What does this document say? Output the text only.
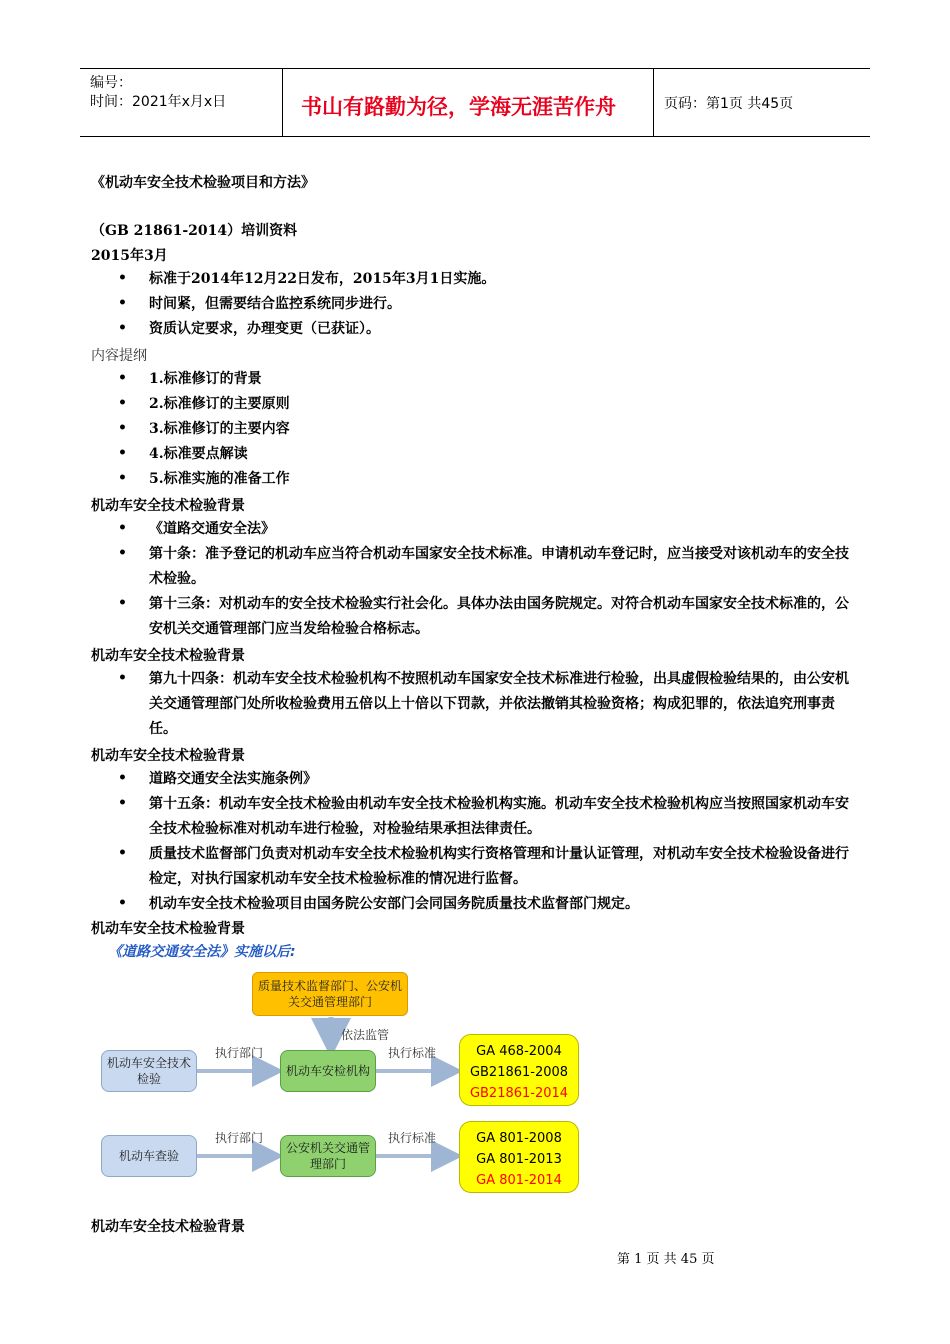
编号：
时间：2021年x月x日	书山有路勤为径，学海无涯苦作舟	页码：第1页 共45页
《机动车安全技术检验项目和方法》
（GB 21861-2014）培训资料
2015年3月
• 标准于2014年12月22日发布，2015年3月1日实施。
• 时间紧，但需要结合监控系统同步进行。
• 资质认定要求，办理变更（已获证）。
内容提纲
• 1.标准修订的背景
• 2.标准修订的主要原则
• 3.标准修订的主要内容
• 4.标准要点解读
• 5.标准实施的准备工作
机动车安全技术检验背景
• 《道路交通安全法》
• 第十条：准予登记的机动车应当符合机动车国家安全技术标准。申请机动车登记时，应当接受对该机动车的安全技术检验。
• 第十三条：对机动车的安全技术检验实行社会化。具体办法由国务院规定。对符合机动车国家安全技术标准的，公安机关交通管理部门应当发给检验合格标志。
机动车安全技术检验背景
• 第九十四条：机动车安全技术检验机构不按照机动车国家安全技术标准进行检验，出具虚假检验结果的，由公安机关交通管理部门处所收检验费用五倍以上十倍以下罚款，并依法撤销其检验资格；构成犯罪的，依法追究刑事责任。
机动车安全技术检验背景
• 道路交通安全法实施条例》
• 第十五条：机动车安全技术检验由机动车安全技术检验机构实施。机动车安全技术检验机构应当按照国家机动车安全技术检验标准对机动车进行检验，对检验结果承担法律责任。
• 质量技术监督部门负责对机动车安全技术检验机构实行资格管理和计量认证管理，对机动车安全技术检验设备进行检定，对执行国家机动车安全技术检验标准的情况进行监督。
• 机动车安全技术检验项目由国务院公安部门会同国务院质量技术监督部门规定。
机动车安全技术检验背景
《道路交通安全法》实施以后:
质量技术监督部门、公安机关交通管理部门
依法监管
机动车安全技术检验
执行部门
机动车安检机构
执行标准	GA 468-2004
GB21861-2008
GB21861-2014
机动车查验
执行部门
公安机关交通管理部门
执行标准	GA 801-2008
GA 801-2013
GA 801-2014
机动车安全技术检验背景
第 1 页 共 45 页
